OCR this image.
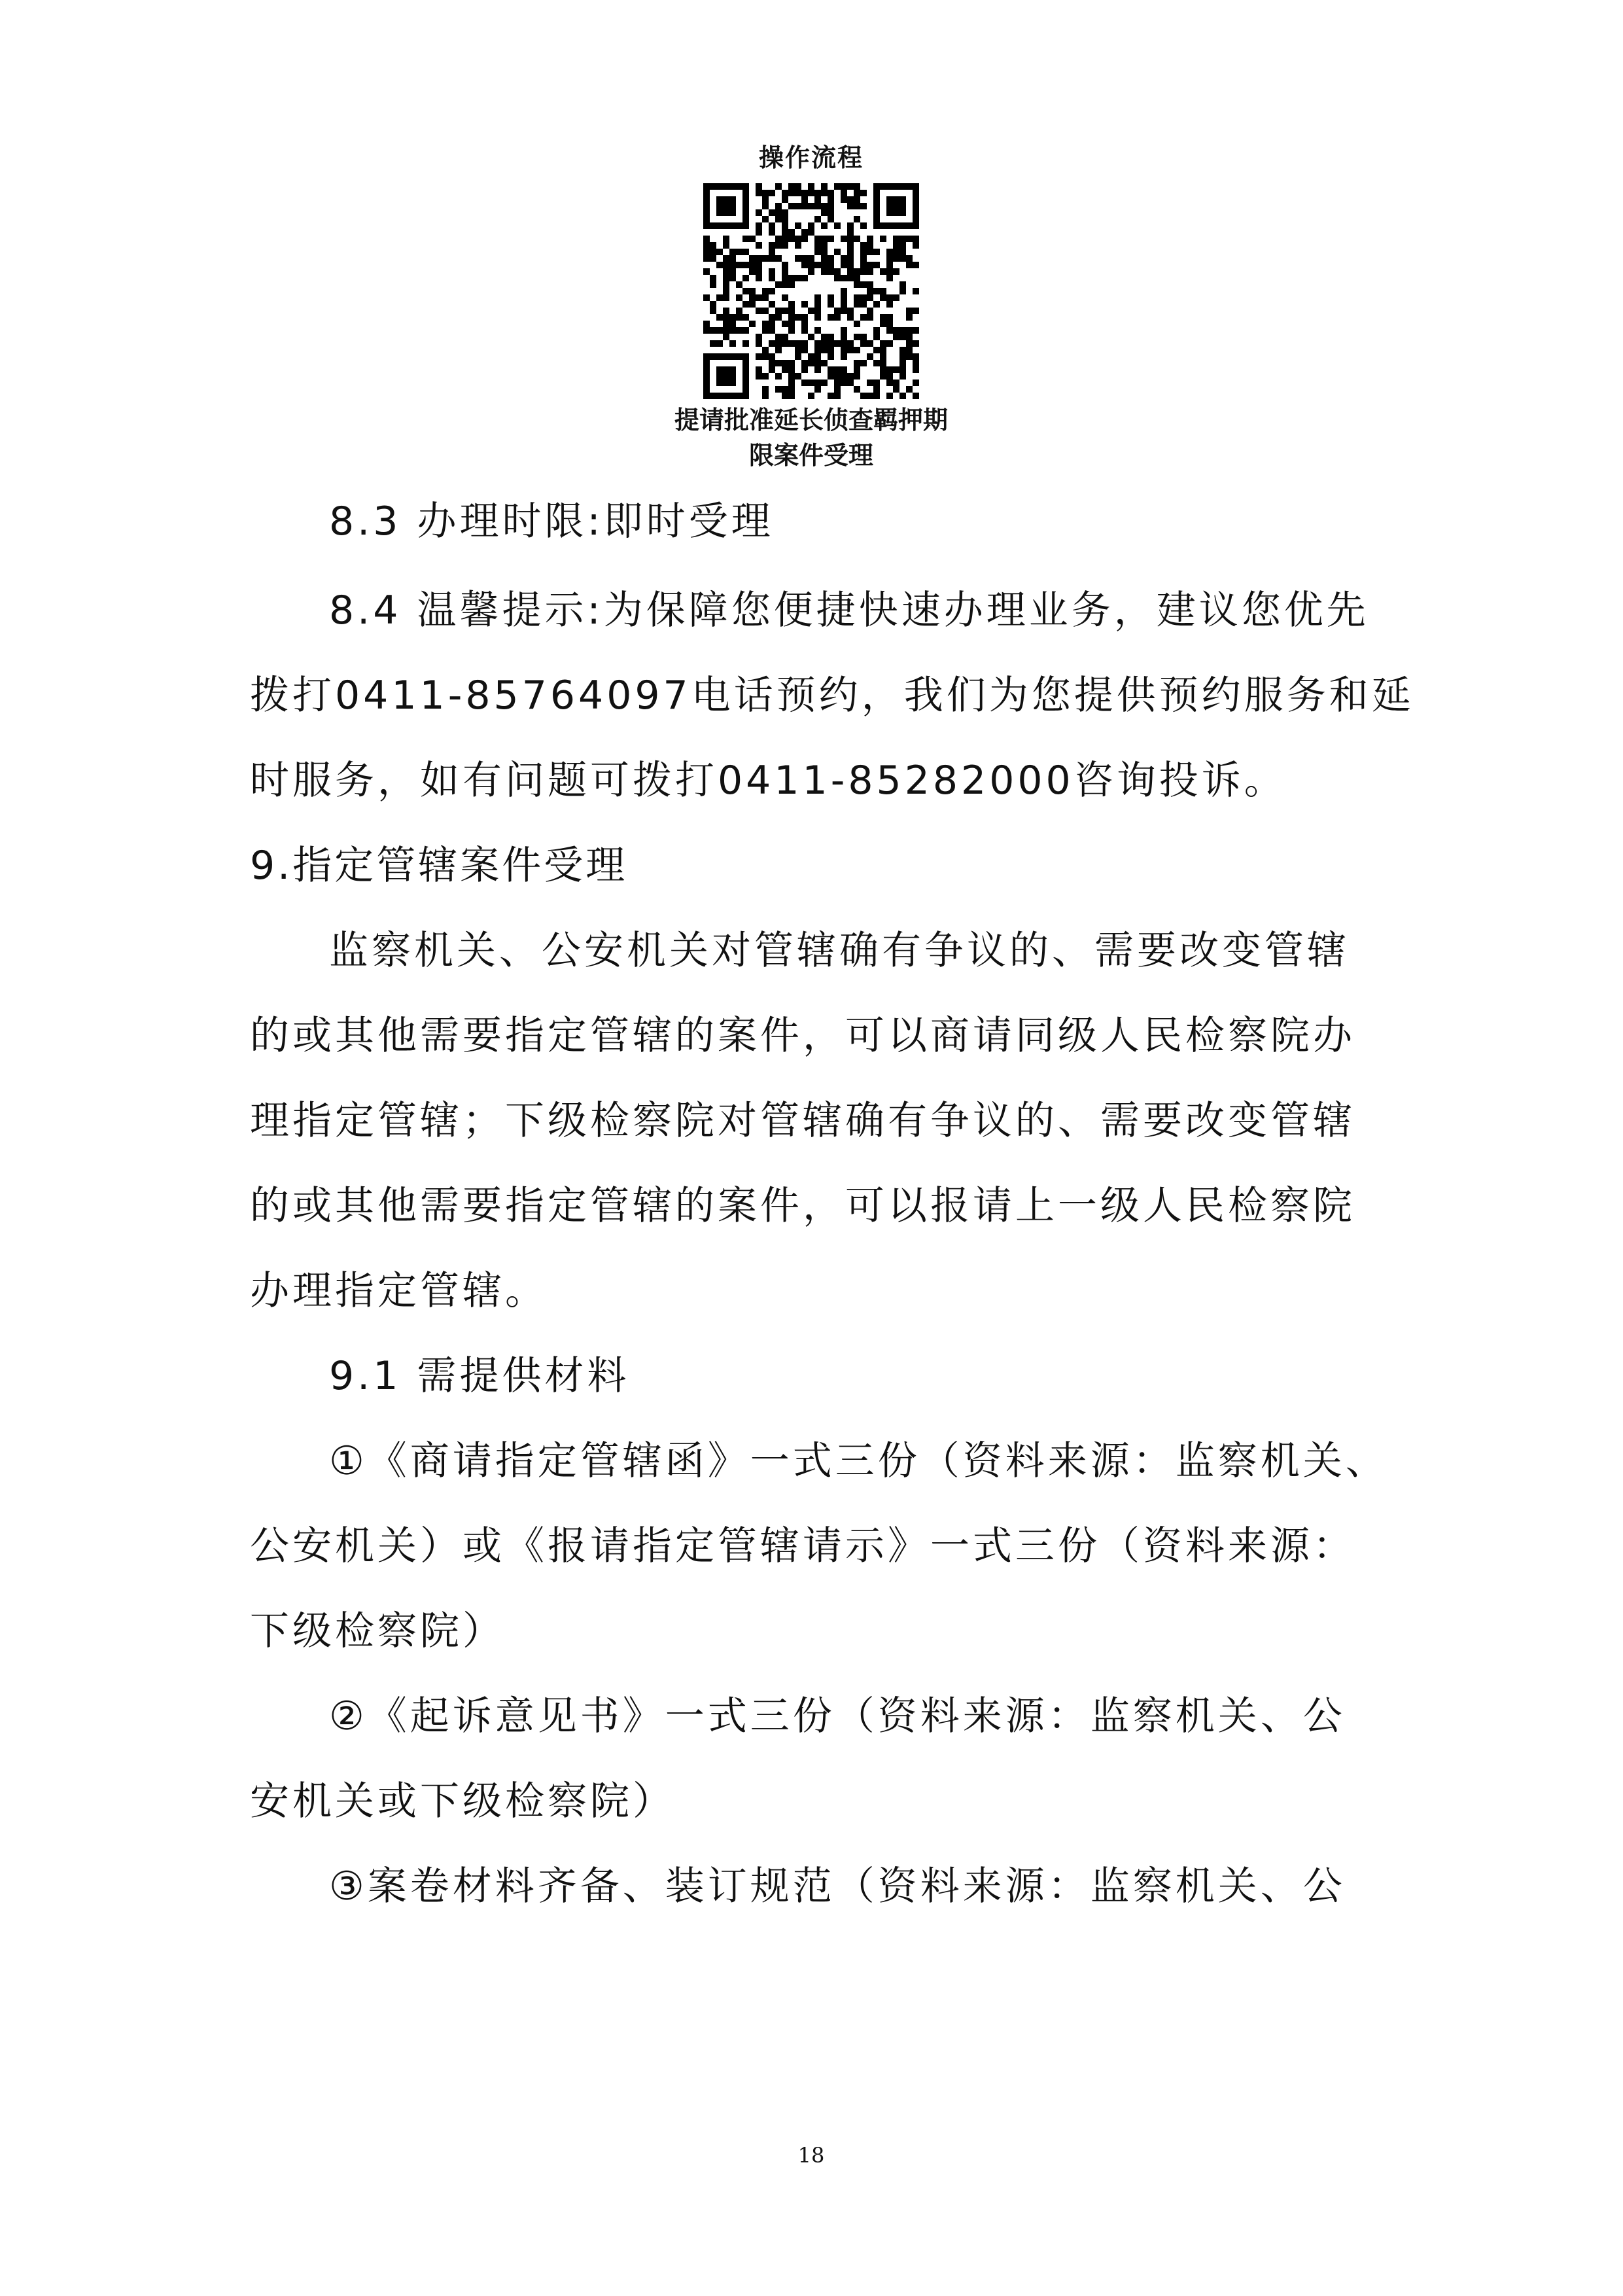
操作流程
提请批准延长侦查羁押期
限案件受理
8.3 办理时限:即时受理
8.4 温馨提示:为保障您便捷快速办理业务，建议您优先
拨打0411-85764097电话预约，我们为您提供预约服务和延
时服务，如有问题可拨打0411-85282000咨询投诉。
9.指定管辖案件受理
监察机关、公安机关对管辖确有争议的、需要改变管辖
的或其他需要指定管辖的案件，可以商请同级人民检察院办
理指定管辖；下级检察院对管辖确有争议的、需要改变管辖
的或其他需要指定管辖的案件，可以报请上一级人民检察院
办理指定管辖。
9.1 需提供材料
①《商请指定管辖函》一式三份（资料来源：监察机关、
公安机关）或《报请指定管辖请示》一式三份（资料来源：
下级检察院）
②《起诉意见书》一式三份（资料来源：监察机关、公
安机关或下级检察院）
③案卷材料齐备、装订规范（资料来源：监察机关、公
18
